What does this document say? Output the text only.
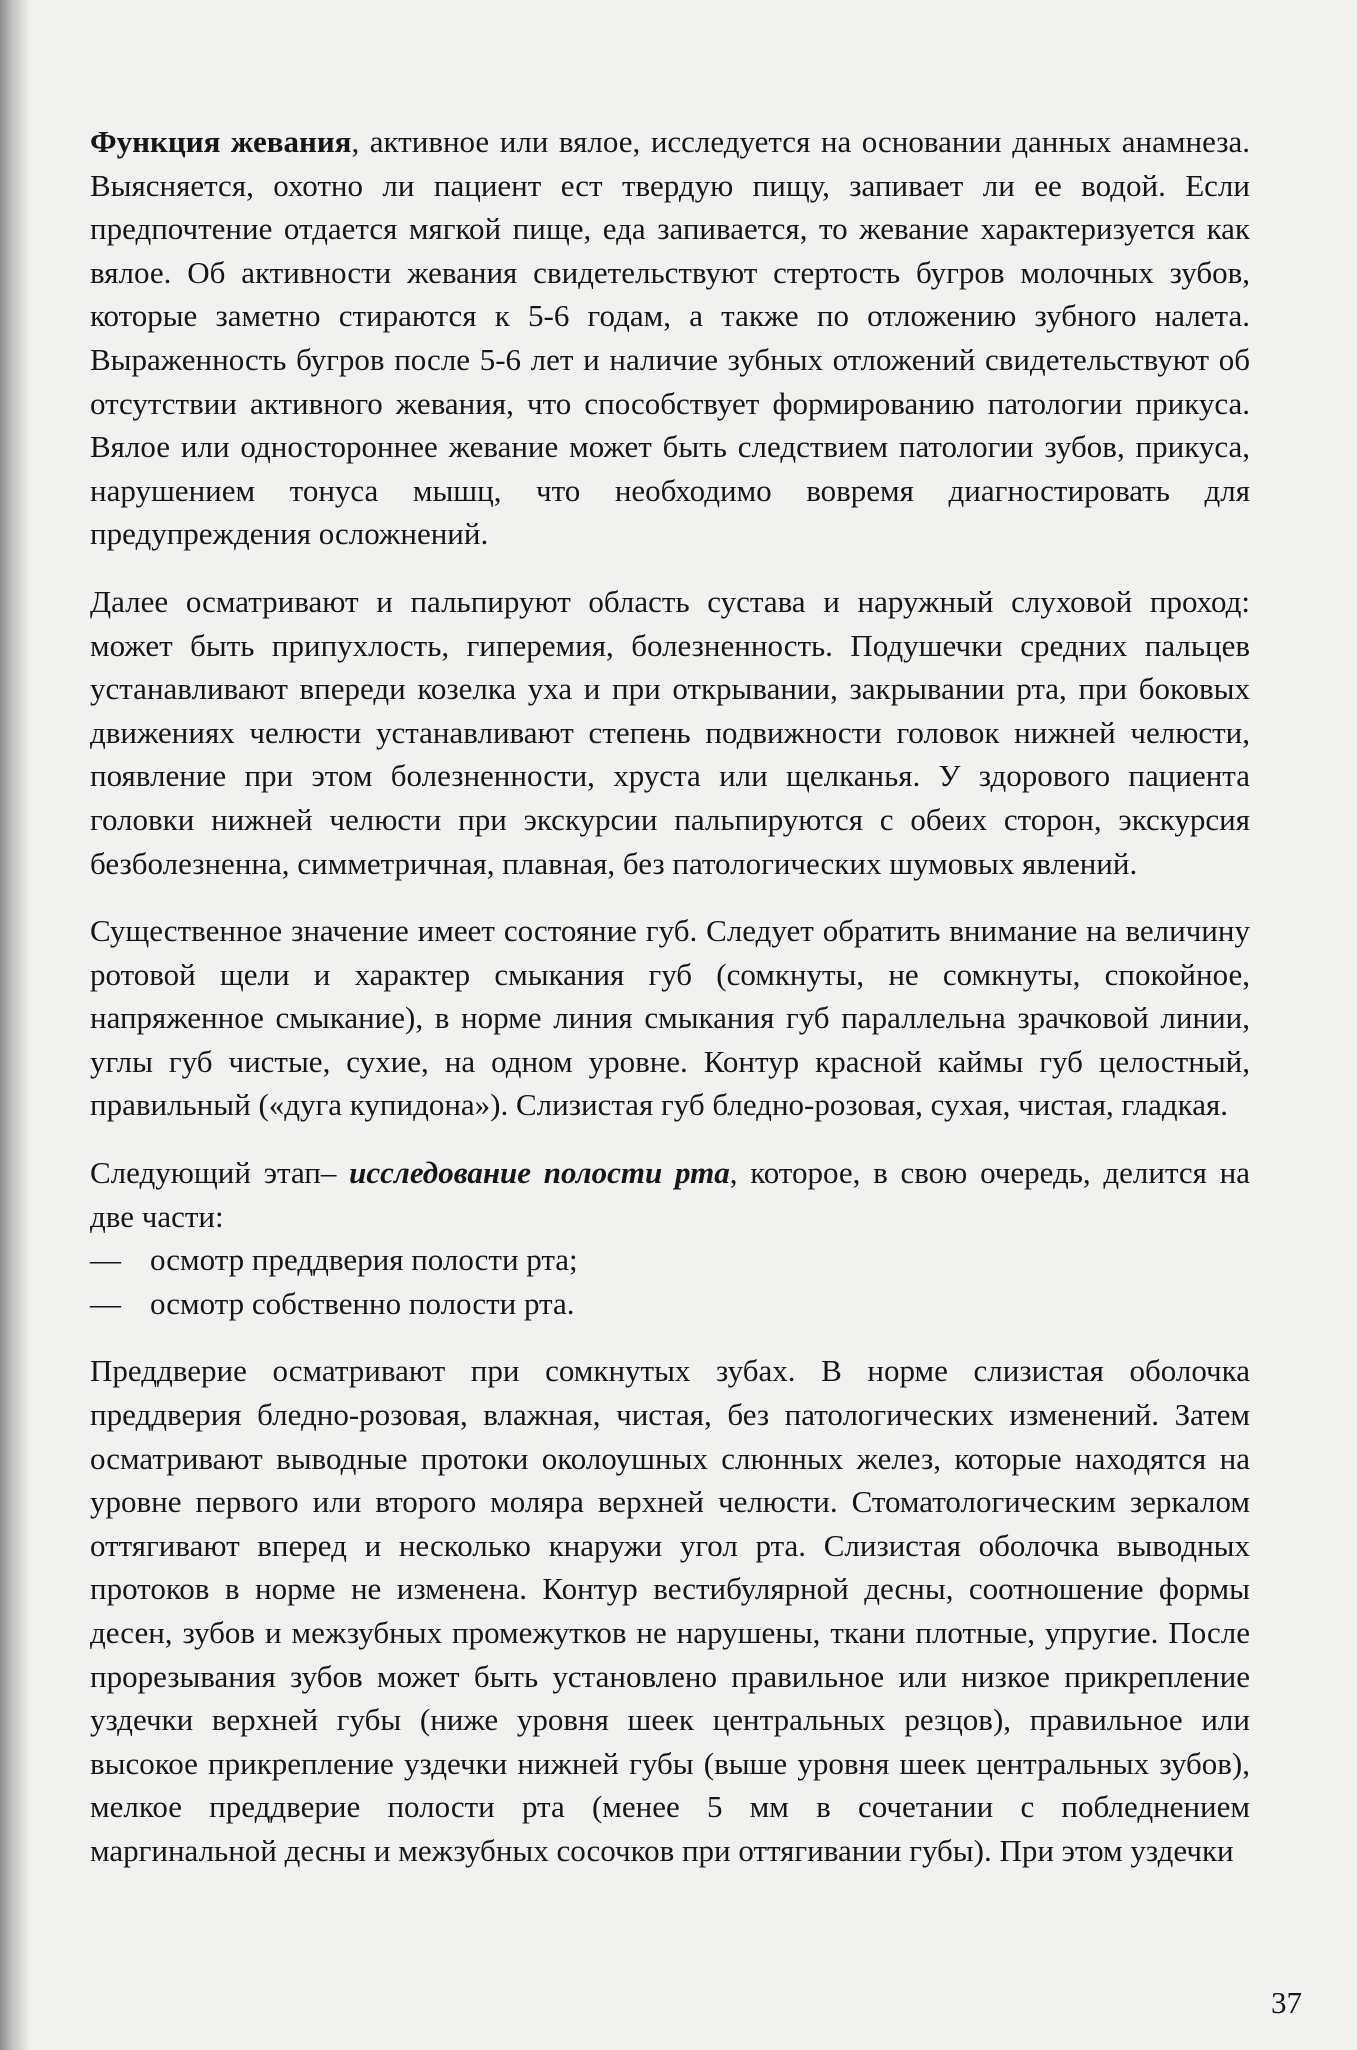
Функция жевания, активное или вялое, исследуется на основании данных анамнеза. Выясняется, охотно ли пациент ест твердую пищу, запивает ли ее водой. Если предпочтение отдается мягкой пище, еда запивается, то жевание характеризуется как вялое. Об активности жевания свидетельствуют стертость бугров молочных зубов, которые заметно стираются к 5-6 годам, а также по отложению зубного налета. Выраженность бугров после 5-6 лет и наличие зубных отложений свидетельствуют об отсутствии активного жевания, что способствует формированию патологии прикуса. Вялое или одностороннее жевание может быть следствием патологии зубов, прикуса, нарушением тонуса мышц, что необходимо вовремя диагностировать для предупреждения осложнений.

Далее осматривают и пальпируют область сустава и наружный слуховой проход: может быть припухлость, гиперемия, болезненность. Подушечки средних пальцев устанавливают впереди козелка уха и при открывании, закрывании рта, при боковых движениях челюсти устанавливают степень подвижности головок нижней челюсти, появление при этом болезненности, хруста или щелканья. У здорового пациента головки нижней челюсти при экскурсии пальпируются с обеих сторон, экскурсия безболезненна, симметричная, плавная, без патологических шумовых явлений.

Существенное значение имеет состояние губ. Следует обратить внимание на величину ротовой щели и характер смыкания губ (сомкнуты, не сомкнуты, спокойное, напряженное смыкание), в норме линия смыкания губ параллельна зрачковой линии, углы губ чистые, сухие, на одном уровне. Контур красной каймы губ целостный, правильный («дуга купидона»). Слизистая губ бледно-розовая, сухая, чистая, гладкая.

Следующий этап– исследование полости рта, которое, в свою очередь, делится на две части:

— осмотр преддверия полости рта;
— осмотр собственно полости рта.

Преддверие осматривают при сомкнутых зубах. В норме слизистая оболочка преддверия бледно-розовая, влажная, чистая, без патологических изменений. Затем осматривают выводные протоки околоушных слюнных желез, которые находятся на уровне первого или второго моляра верхней челюсти. Стоматологическим зеркалом оттягивают вперед и несколько кнаружи угол рта. Слизистая оболочка выводных протоков в норме не изменена. Контур вестибулярной десны, соотношение формы десен, зубов и межзубных промежутков не нарушены, ткани плотные, упругие. После прорезывания зубов может быть установлено правильное или низкое прикрепление уздечки верхней губы (ниже уровня шеек центральных резцов), правильное или высокое прикрепление уздечки нижней губы (выше уровня шеек центральных зубов), мелкое преддверие полости рта (менее 5 мм в сочетании с побледнением маргинальной десны и межзубных сосочков при оттягивании губы). При этом уздечки

37
